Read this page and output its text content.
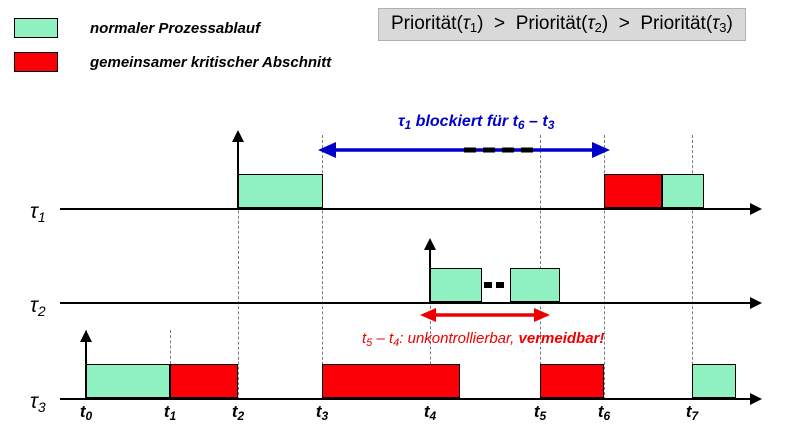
normaler Prozessablauf
gemeinsamer kritischer Abschnitt
$Priorität(\tau_1)$  >  $Priorität(\tau_2)$  >  $Priorität(\tau_3)$
$\tau_1$
$\tau_1$ blockiert für $t_6 - t_3$
$\tau_2$
$t_5 - t_4$: unkontrollierbar, vermeidbar!
$\tau_3$	$t_0$	$t_1$	$t_2$	$t_3$	$t_4$	$t_5$	$t_6$	$t_7$
